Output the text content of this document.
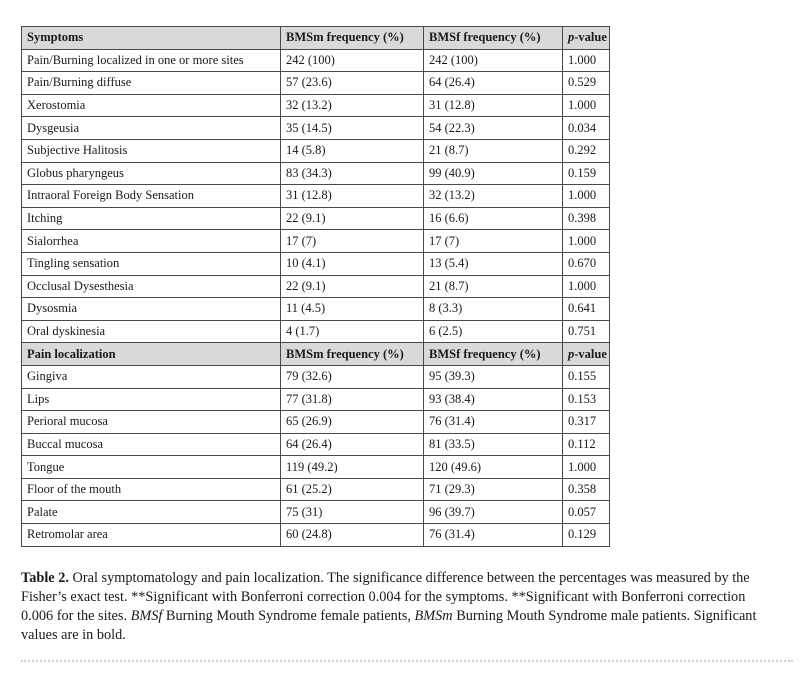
Symptoms	BMSm frequency (%)	BMSf frequency (%)	p-value
Pain/Burning localized in one or more sites	242 (100)	242 (100)	1.000
Pain/Burning diffuse	57 (23.6)	64 (26.4)	0.529
Xerostomia	32 (13.2)	31 (12.8)	1.000
Dysgeusia	35 (14.5)	54 (22.3)	0.034
Subjective Halitosis	14 (5.8)	21 (8.7)	0.292
Globus pharyngeus	83 (34.3)	99 (40.9)	0.159
Intraoral Foreign Body Sensation	31 (12.8)	32 (13.2)	1.000
Itching	22 (9.1)	16 (6.6)	0.398
Sialorrhea	17 (7)	17 (7)	1.000
Tingling sensation	10 (4.1)	13 (5.4)	0.670
Occlusal Dysesthesia	22 (9.1)	21 (8.7)	1.000
Dysosmia	11 (4.5)	8 (3.3)	0.641
Oral dyskinesia	4 (1.7)	6 (2.5)	0.751
Pain localization	BMSm frequency (%)	BMSf frequency (%)	p-value
Gingiva	79 (32.6)	95 (39.3)	0.155
Lips	77 (31.8)	93 (38.4)	0.153
Perioral mucosa	65 (26.9)	76 (31.4)	0.317
Buccal mucosa	64 (26.4)	81 (33.5)	0.112
Tongue	119 (49.2)	120 (49.6)	1.000
Floor of the mouth	61 (25.2)	71 (29.3)	0.358
Palate	75 (31)	96 (39.7)	0.057
Retromolar area	60 (24.8)	76 (31.4)	0.129
Table 2. Oral symptomatology and pain localization. The significance difference between the percentages was measured by the Fisher’s exact test. **Significant with Bonferroni correction 0.004 for the symptoms. **Significant with Bonferroni correction 0.006 for the sites. BMSf Burning Mouth Syndrome female patients, BMSm Burning Mouth Syndrome male patients. Significant values are in bold.
